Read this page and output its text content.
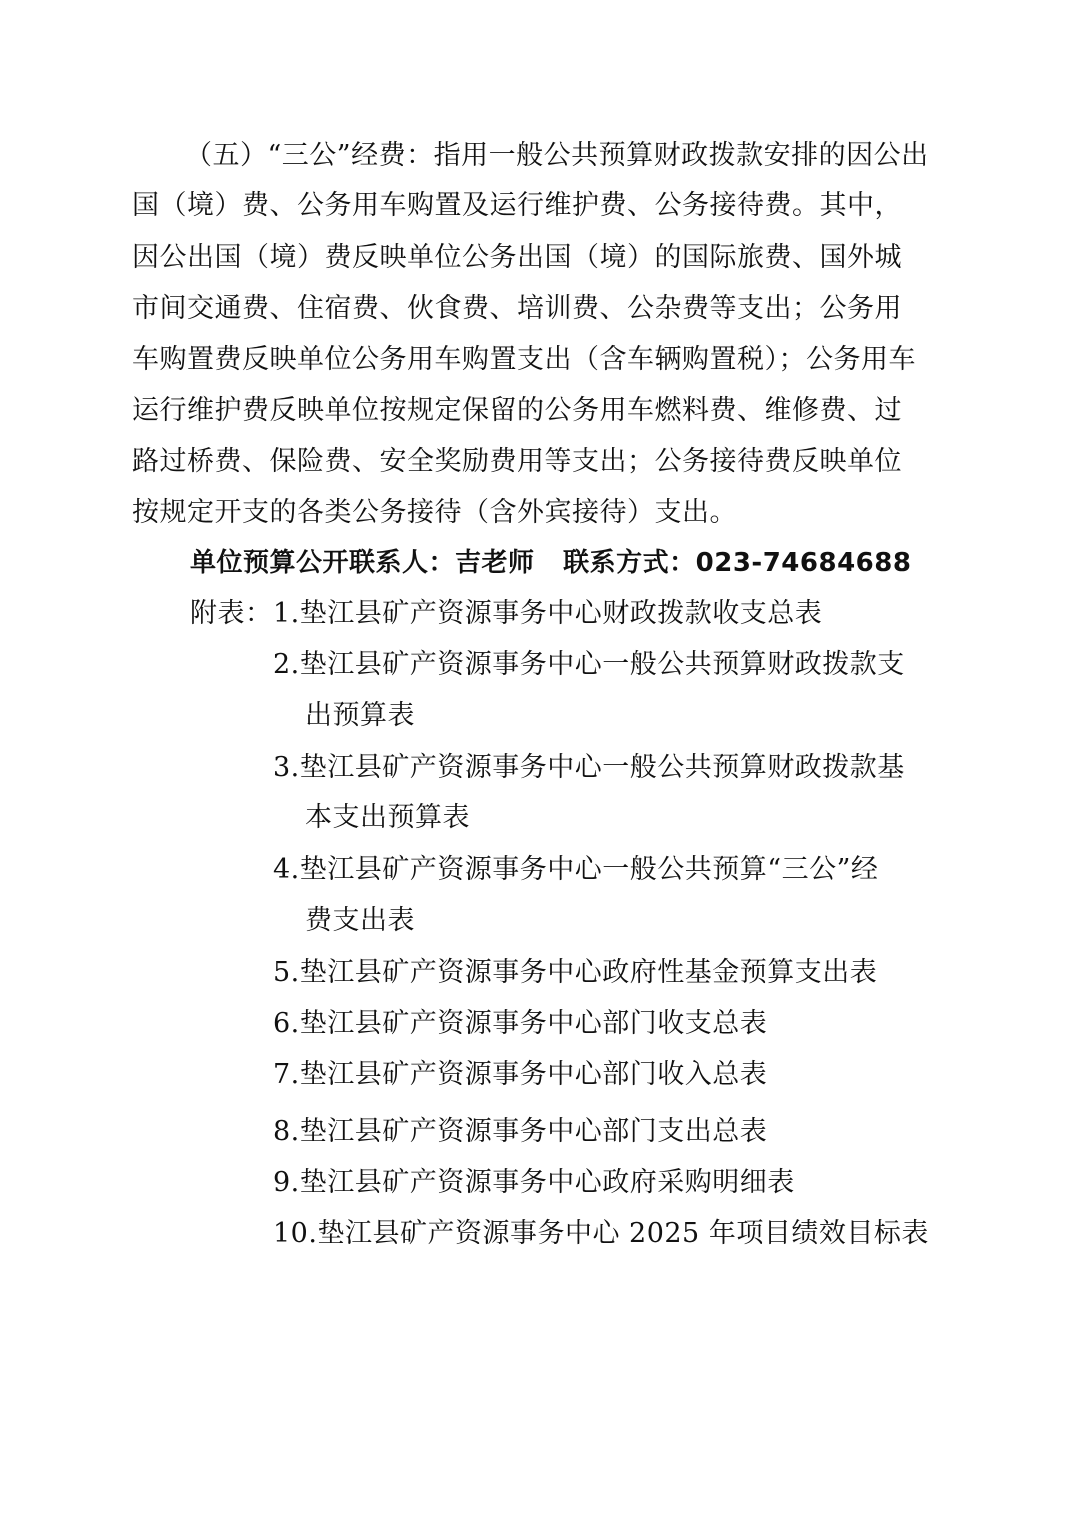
（五）“三公”经费：指用一般公共预算财政拨款安排的因公出
国（境）费、公务用车购置及运行维护费、公务接待费。其中，
因公出国（境）费反映单位公务出国（境）的国际旅费、国外城
市间交通费、住宿费、伙食费、培训费、公杂费等支出；公务用
车购置费反映单位公务用车购置支出（含车辆购置税）；公务用车
运行维护费反映单位按规定保留的公务用车燃料费、维修费、过
路过桥费、保险费、安全奖励费用等支出；公务接待费反映单位
按规定开支的各类公务接待（含外宾接待）支出。
单位预算公开联系人：吉老师   联系方式：023-74684688
附表： 1.垫江县矿产资源事务中心财政拨款收支总表
2.垫江县矿产资源事务中心一般公共预算财政拨款支
出预算表
3.垫江县矿产资源事务中心一般公共预算财政拨款基
本支出预算表
4.垫江县矿产资源事务中心一般公共预算“三公”经
费支出表
5.垫江县矿产资源事务中心政府性基金预算支出表
6.垫江县矿产资源事务中心部门收支总表
7.垫江县矿产资源事务中心部门收入总表
8.垫江县矿产资源事务中心部门支出总表
9.垫江县矿产资源事务中心政府采购明细表
10.垫江县矿产资源事务中心 2025 年项目绩效目标表
